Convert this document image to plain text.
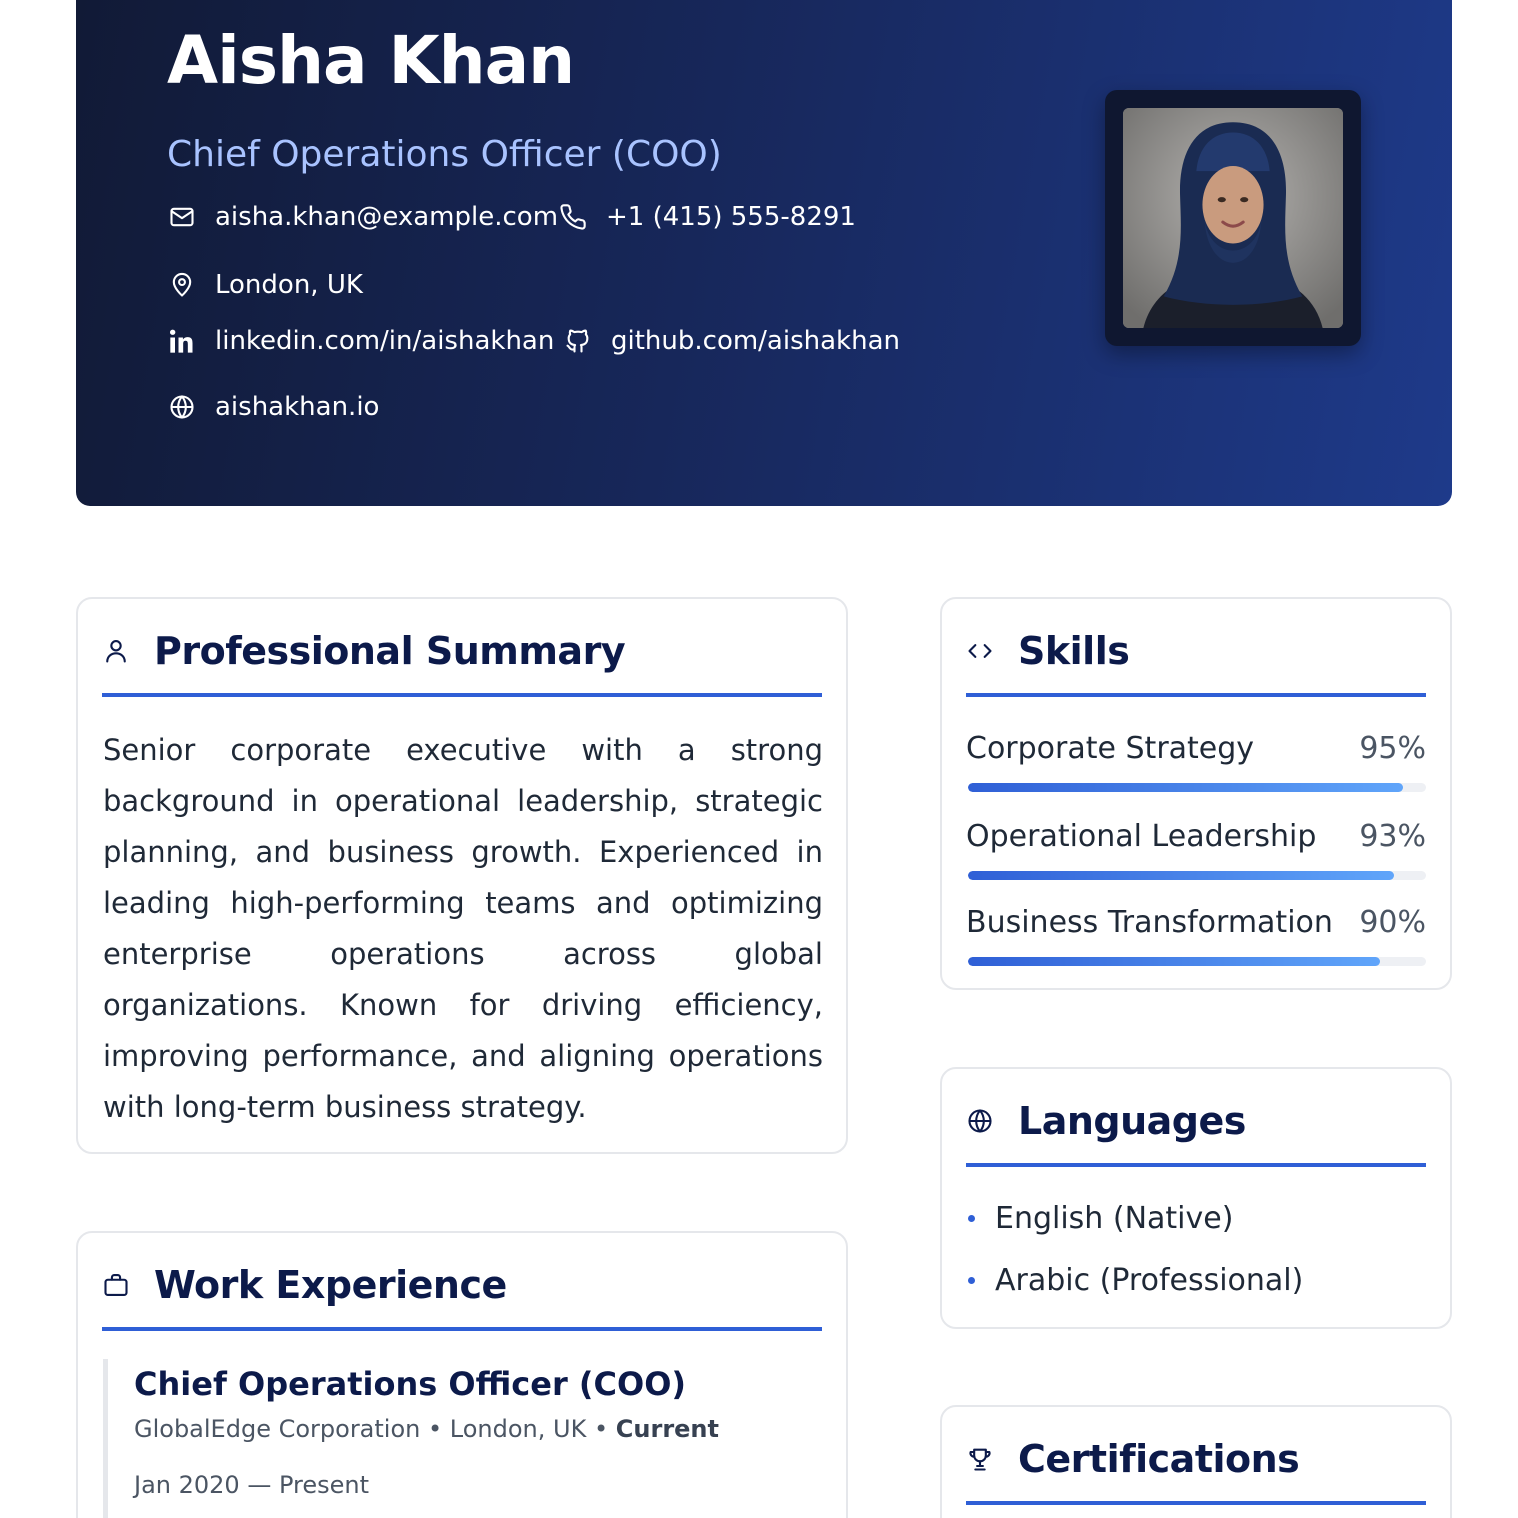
Aisha Khan
Chief Operations Officer (COO)
aisha.khan@example.com +1 (415) 555-8291
London, UK
linkedin.com/in/aishakhan github.com/aishakhan
aishakhan.io
Professional Summary

Senior corporate executive with a strong background in operational leadership, strategic planning, and business growth. Experienced in leading high-performing teams and optimizing enterprise operations across global organizations. Known for driving efficiency, improving performance, and aligning operations with long-term business strategy.

Work Experience
Chief Operations Officer (COO)
GlobalEdge Corporation • London, UK • Current
Jan 2020 — Present
Skills
Corporate Strategy	95%
Operational Leadership 93%
Business Transformation 90%
Languages
English (Native)
Arabic (Professional)
Certifications
